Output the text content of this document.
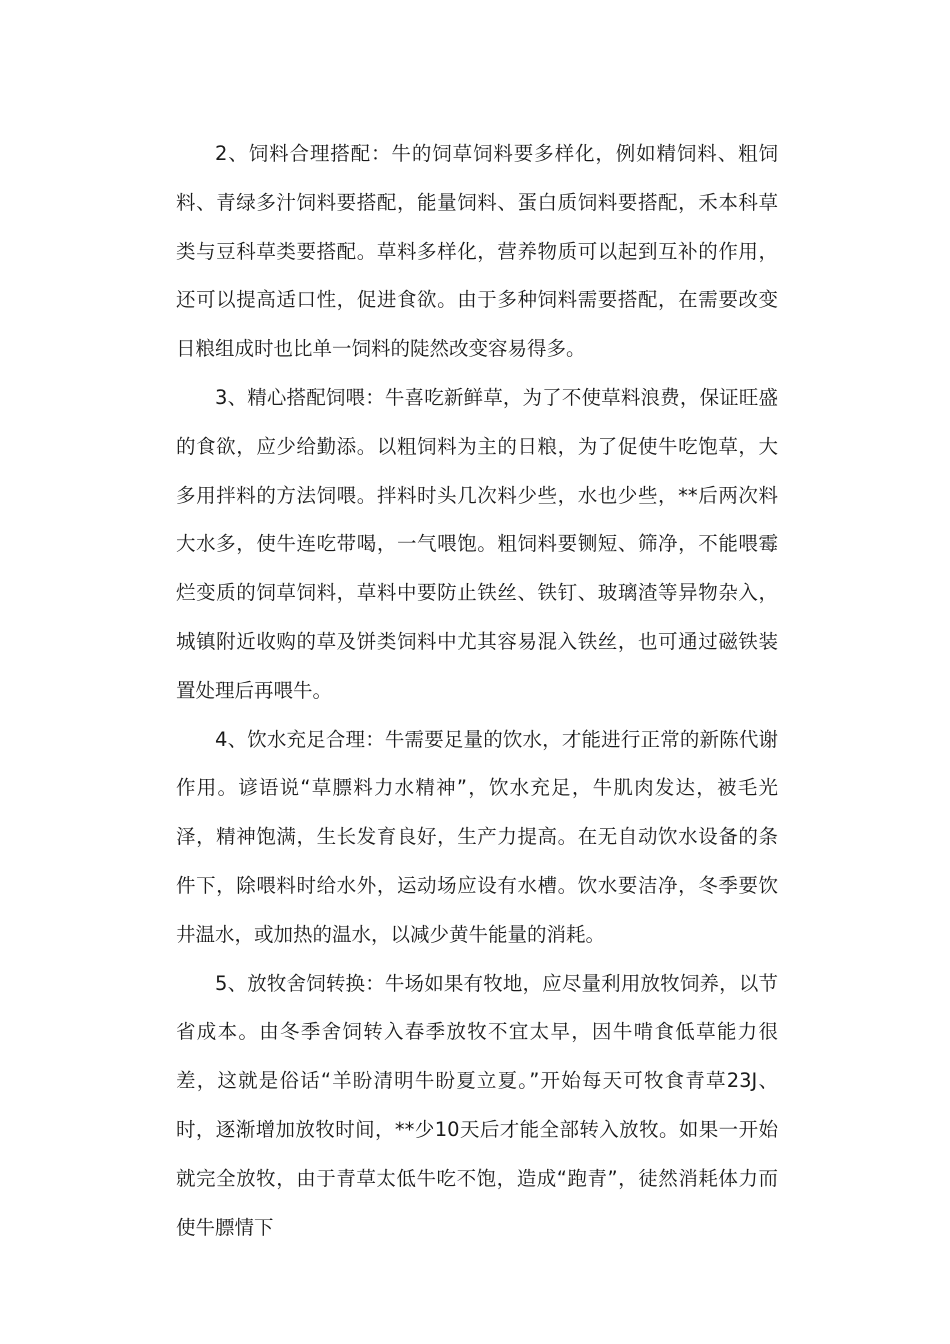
2、饲料合理搭配：牛的饲草饲料要多样化，例如精饲料、粗饲料、青绿多汁饲料要搭配，能量饲料、蛋白质饲料要搭配，禾本科草类与豆科草类要搭配。草料多样化，营养物质可以起到互补的作用，还可以提高适口性，促进食欲。由于多种饲料需要搭配，在需要改变日粮组成时也比单一饲料的陡然改变容易得多。

3、精心搭配饲喂：牛喜吃新鲜草，为了不使草料浪费，保证旺盛的食欲，应少给勤添。以粗饲料为主的日粮，为了促使牛吃饱草，大多用拌料的方法饲喂。拌料时头几次料少些，水也少些，**后两次料大水多，使牛连吃带喝，一气喂饱。粗饲料要铡短、筛净，不能喂霉烂变质的饲草饲料，草料中要防止铁丝、铁钉、玻璃渣等异物杂入，城镇附近收购的草及饼类饲料中尤其容易混入铁丝，也可通过磁铁装置处理后再喂牛。

4、饮水充足合理：牛需要足量的饮水，才能进行正常的新陈代谢作用。谚语说“草膘料力水精神”，饮水充足，牛肌肉发达，被毛光泽，精神饱满，生长发育良好，生产力提高。在无自动饮水设备的条件下，除喂料时给水外，运动场应设有水槽。饮水要洁净，冬季要饮井温水，或加热的温水，以减少黄牛能量的消耗。

5、放牧舍饲转换：牛场如果有牧地，应尽量利用放牧饲养，以节省成本。由冬季舍饲转入春季放牧不宜太早，因牛啃食低草能力很差，这就是俗话“羊盼清明牛盼夏立夏。”开始每天可牧食青草23J、时，逐渐增加放牧时间，**少10天后才能全部转入放牧。如果一开始就完全放牧，由于青草太低牛吃不饱，造成“跑青”，徒然消耗体力而使牛膘情下
